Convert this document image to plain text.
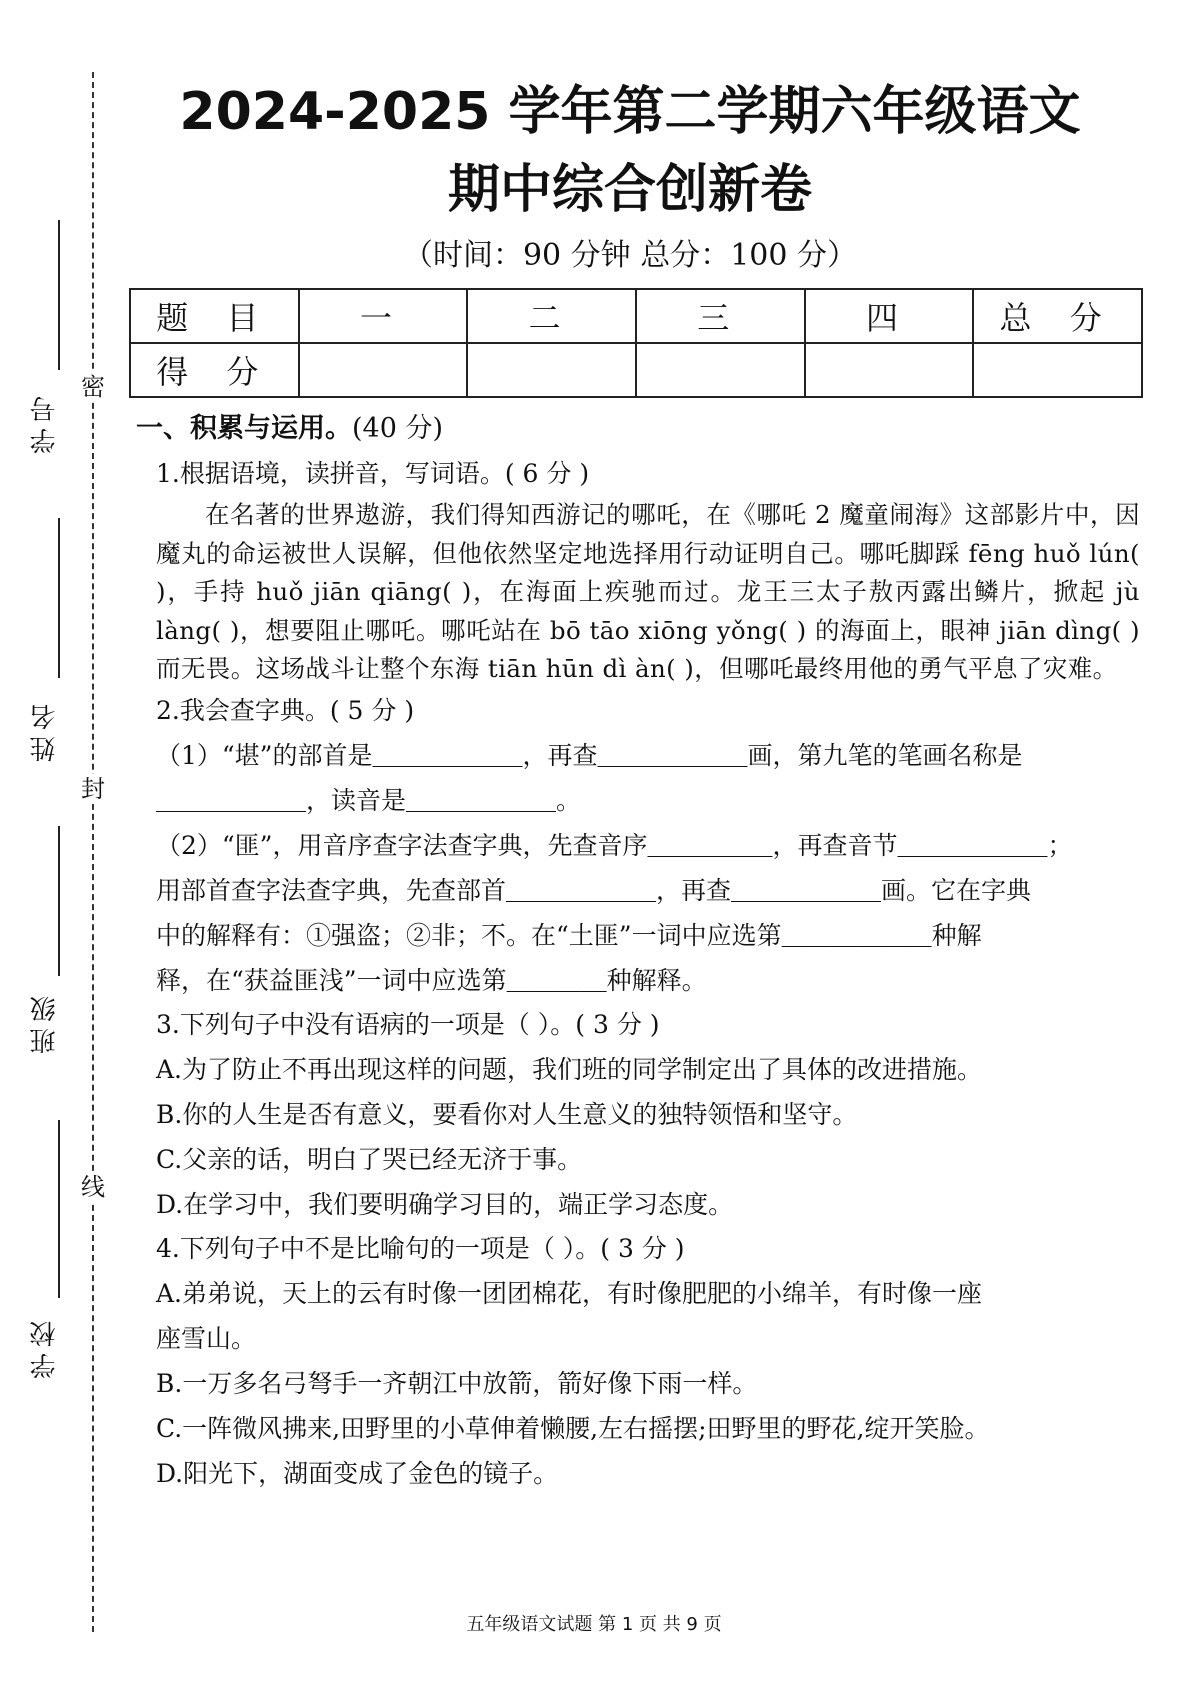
密
封
线
学号
姓名
班级
学校
2024-2025 学年第二学期六年级语文
期中综合创新卷
（时间：90 分钟 总分：100 分）
题 目	一	二	三	四	总 分
得 分					

一、积累与运用。(40 分)

1.根据语境，读拼音，写词语。( 6 分 )

在名著的世界遨游，我们得知西游记的哪吒，在《哪吒 2 魔童闹海》这部影片中，因魔丸的命运被世人误解，但他依然坚定地选择用行动证明自己。哪吒脚踩 fēng huǒ lún( )，手持 huǒ jiān qiāng( )，在海面上疾驰而过。龙王三太子敖丙露出鳞片，掀起 jù làng( )，想要阻止哪吒。哪吒站在 bō tāo xiōng yǒng( ) 的海面上，眼神 jiān dìng( )而无畏。这场战斗让整个东海 tiān hūn dì àn( )，但哪吒最终用他的勇气平息了灾难。

2.我会查字典。( 5 分 )

（1）“堪”的部首是＿＿＿＿＿＿，再查＿＿＿＿＿＿画，第九笔的笔画名称是

＿＿＿＿＿＿，读音是＿＿＿＿＿＿。

（2）“匪”，用音序查字法查字典，先查音序＿＿＿＿＿，再查音节＿＿＿＿＿＿；

用部首查字法查字典，先查部首＿＿＿＿＿＿，再查＿＿＿＿＿＿画。它在字典

中的解释有：①强盗；②非；不。在“土匪”一词中应选第＿＿＿＿＿＿种解

释，在“获益匪浅”一词中应选第＿＿＿＿种解释。

3.下列句子中没有语病的一项是（ ）。( 3 分 )

A.为了防止不再出现这样的问题，我们班的同学制定出了具体的改进措施。

B.你的人生是否有意义，要看你对人生意义的独特领悟和坚守。

C.父亲的话，明白了哭已经无济于事。

D.在学习中，我们要明确学习目的，端正学习态度。

4.下列句子中不是比喻句的一项是（ ）。( 3 分 )

A.弟弟说，天上的云有时像一团团棉花，有时像肥肥的小绵羊，有时像一座

座雪山。

B.一万多名弓弩手一齐朝江中放箭，箭好像下雨一样。

C.一阵微风拂来,田野里的小草伸着懒腰,左右摇摆;田野里的野花,绽开笑脸。

D.阳光下，湖面变成了金色的镜子。

五年级语文试题 第 1 页 共 9 页
